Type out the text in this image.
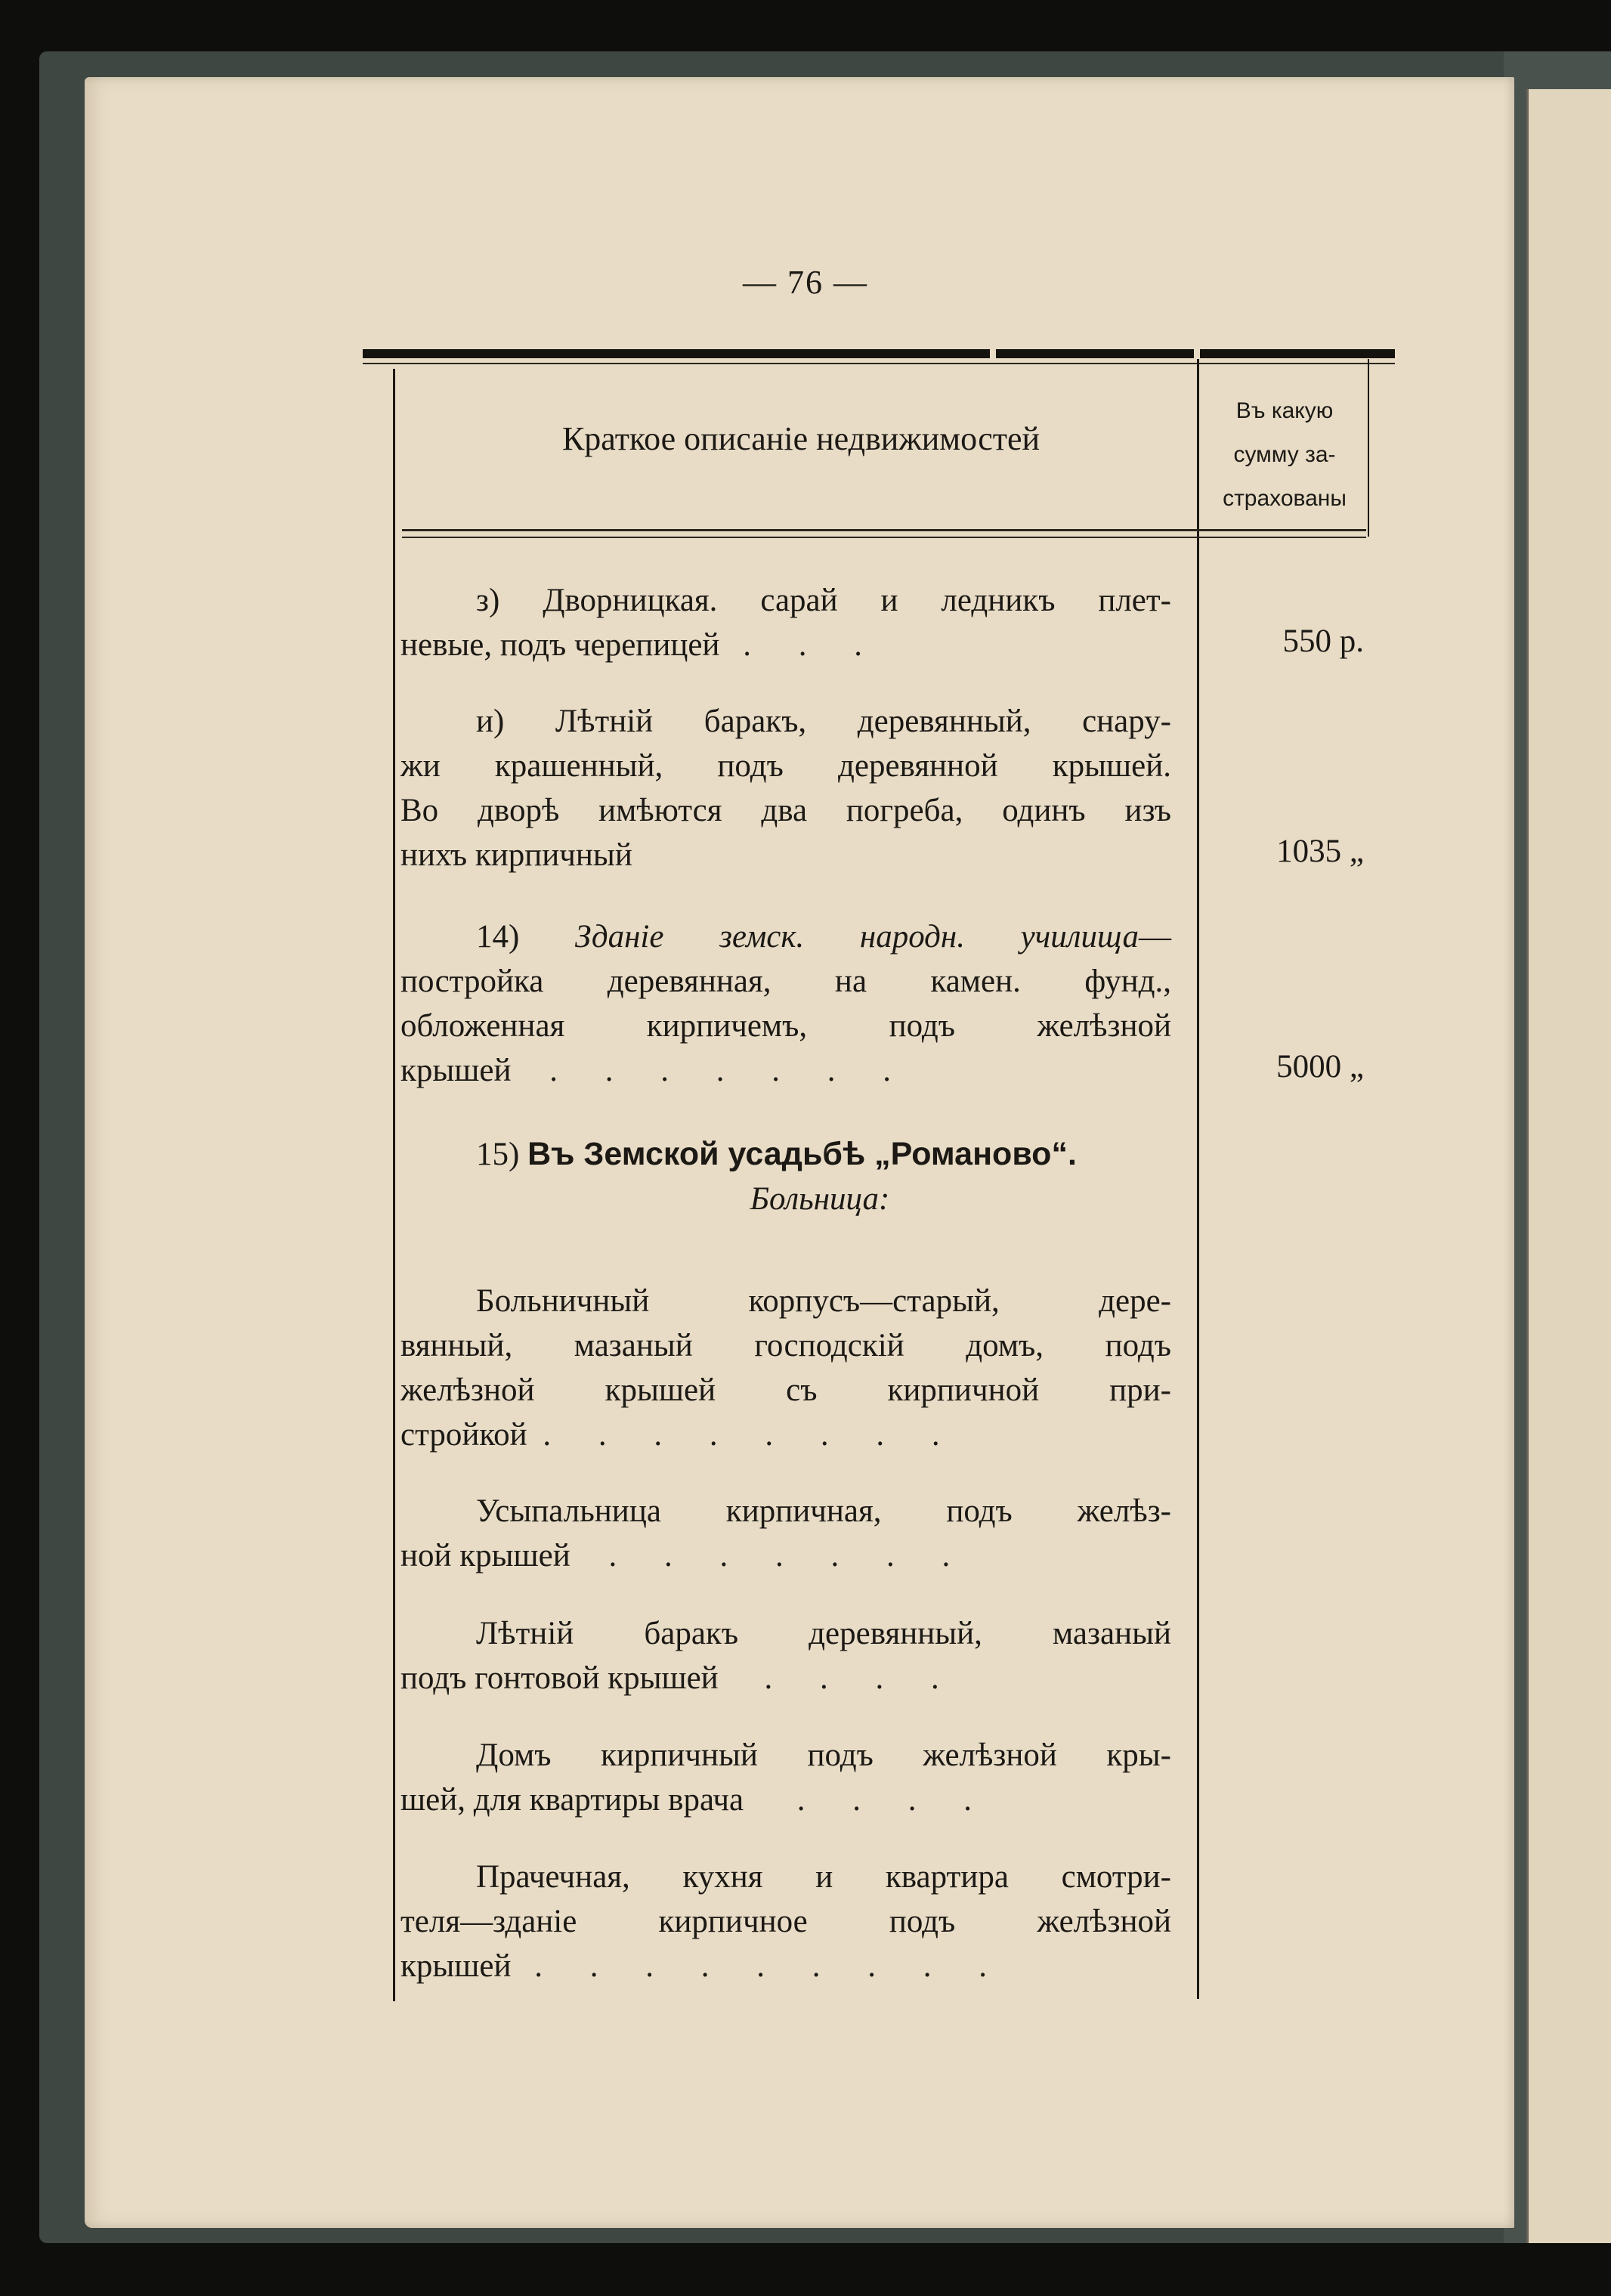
— 76 —
Краткое описаніе недвижимостей
Въ какую
сумму за-
страхованы
з) Дворницкая. сарай и ледникъ плет-
невые, подъ черепицей . . .	550 р.
и) Лѣтній баракъ, деревянный, снару-
жи крашенный, подъ деревянной крышей.
Во дворѣ имѣются два погреба, одинъ изъ
нихъ кирпичный	1035 „
14) Зданіе земск. народн. училища—
постройка деревянная, на камен. фунд.,
обложенная кирпичемъ, подъ желѣзной
крышей . . . . . . .	5000 „
15) Въ Земской усадьбѣ „Романово“.
Больница:
Больничный корпусъ—старый, дере-
вянный, мазаный господскій домъ, подъ
желѣзной крышей съ кирпичной при-
стройкой . . . . . . . .
Усыпальница кирпичная, подъ желѣз-
ной крышей . . . . . . .
Лѣтній баракъ деревянный, мазаный
подъ гонтовой крышей . . . .
Домъ кирпичный подъ желѣзной кры-
шей, для квартиры врача . . . .
Прачечная, кухня и квартира смотри-
теля—зданіе кирпичное подъ желѣзной
крышей . . . . . . . . .
